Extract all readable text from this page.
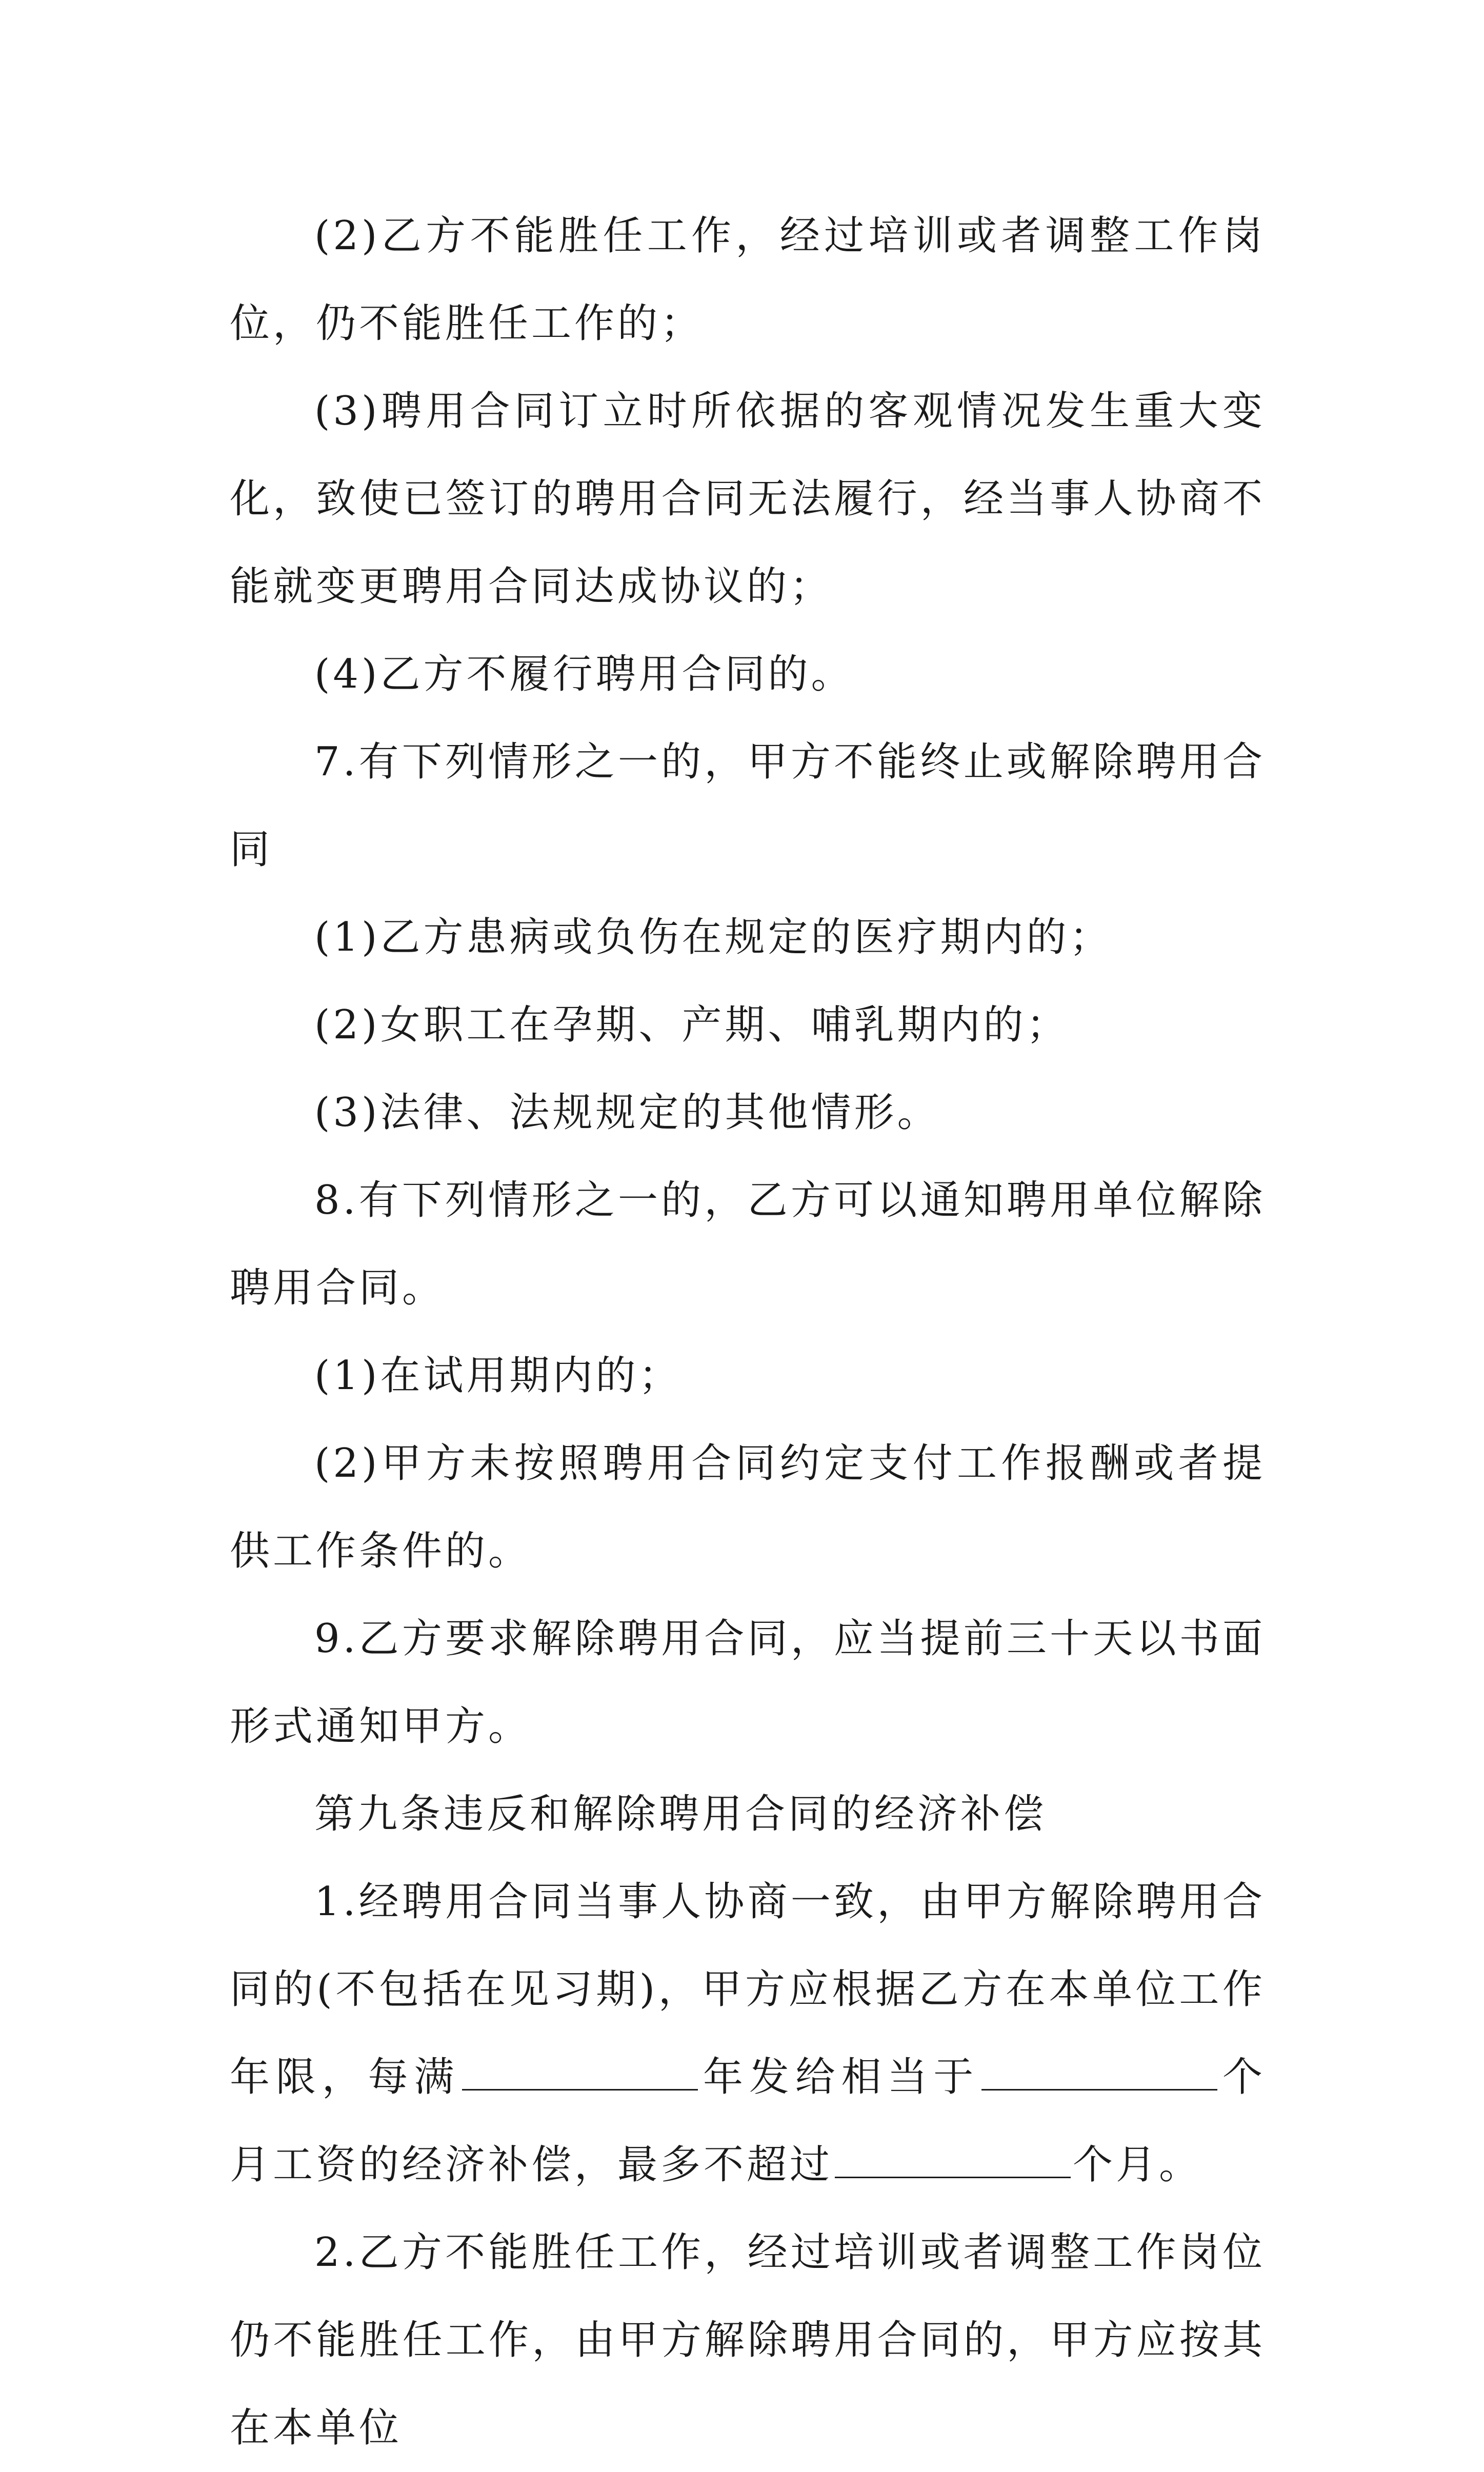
(2)乙方不能胜任工作，经过培训或者调整工作岗位，仍不能胜任工作的；

(3)聘用合同订立时所依据的客观情况发生重大变化，致使已签订的聘用合同无法履行，经当事人协商不能就变更聘用合同达成协议的；

(4)乙方不履行聘用合同的。

7.有下列情形之一的，甲方不能终止或解除聘用合同

(1)乙方患病或负伤在规定的医疗期内的；

(2)女职工在孕期、产期、哺乳期内的；

(3)法律、法规规定的其他情形。

8.有下列情形之一的，乙方可以通知聘用单位解除聘用合同。

(1)在试用期内的；

(2)甲方未按照聘用合同约定支付工作报酬或者提供工作条件的。

9.乙方要求解除聘用合同，应当提前三十天以书面形式通知甲方。

第九条违反和解除聘用合同的经济补偿

1.经聘用合同当事人协商一致，由甲方解除聘用合同的(不包括在见习期)，甲方应根据乙方在本单位工作年限，每满	年发给相当于	个月工资的经济补偿，最多不超过	个月。

2.乙方不能胜任工作，经过培训或者调整工作岗位仍不能胜任工作，由甲方解除聘用合同的，甲方应按其在本单位
